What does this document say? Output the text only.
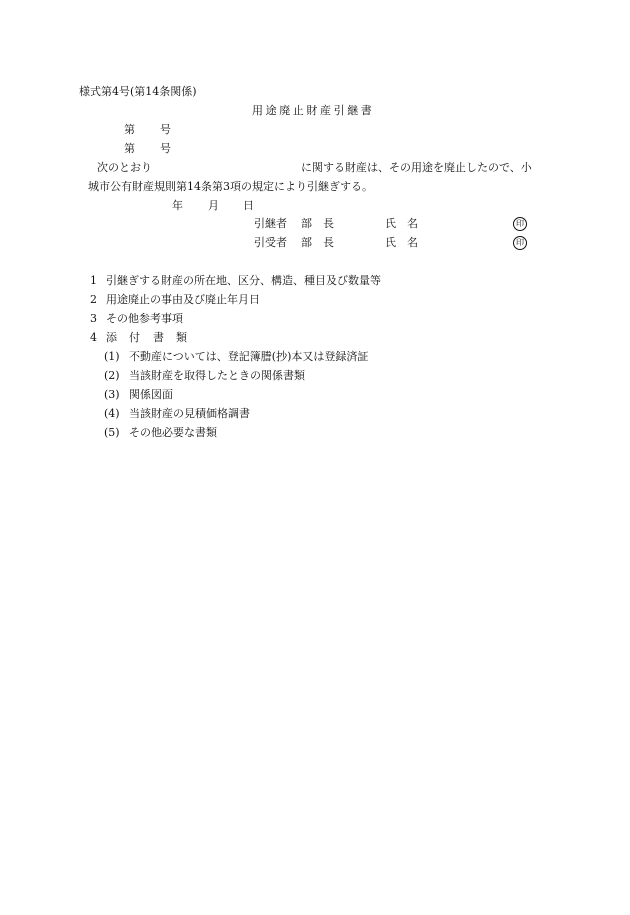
様式第4号(第14条関係)
用途廃止財産引継書
第 号
第 号
次のとおり	に関する財産は、その用途を廃止したので、小
城市公有財産規則第14条第3項の規定により引継ぎする。
年 月 日
引継者 部 長	氏 名	印
引受者 部 長	氏 名	印
1 引継ぎする財産の所在地、区分、構造、種目及び数量等
2 用途廃止の事由及び廃止年月日
3 その他参考事項
4 添 付 書 類
(1) 不動産については、登記簿謄(抄)本又は登録済証
(2) 当該財産を取得したときの関係書類
(3) 関係図面
(4) 当該財産の見積価格調書
(5) その他必要な書類
